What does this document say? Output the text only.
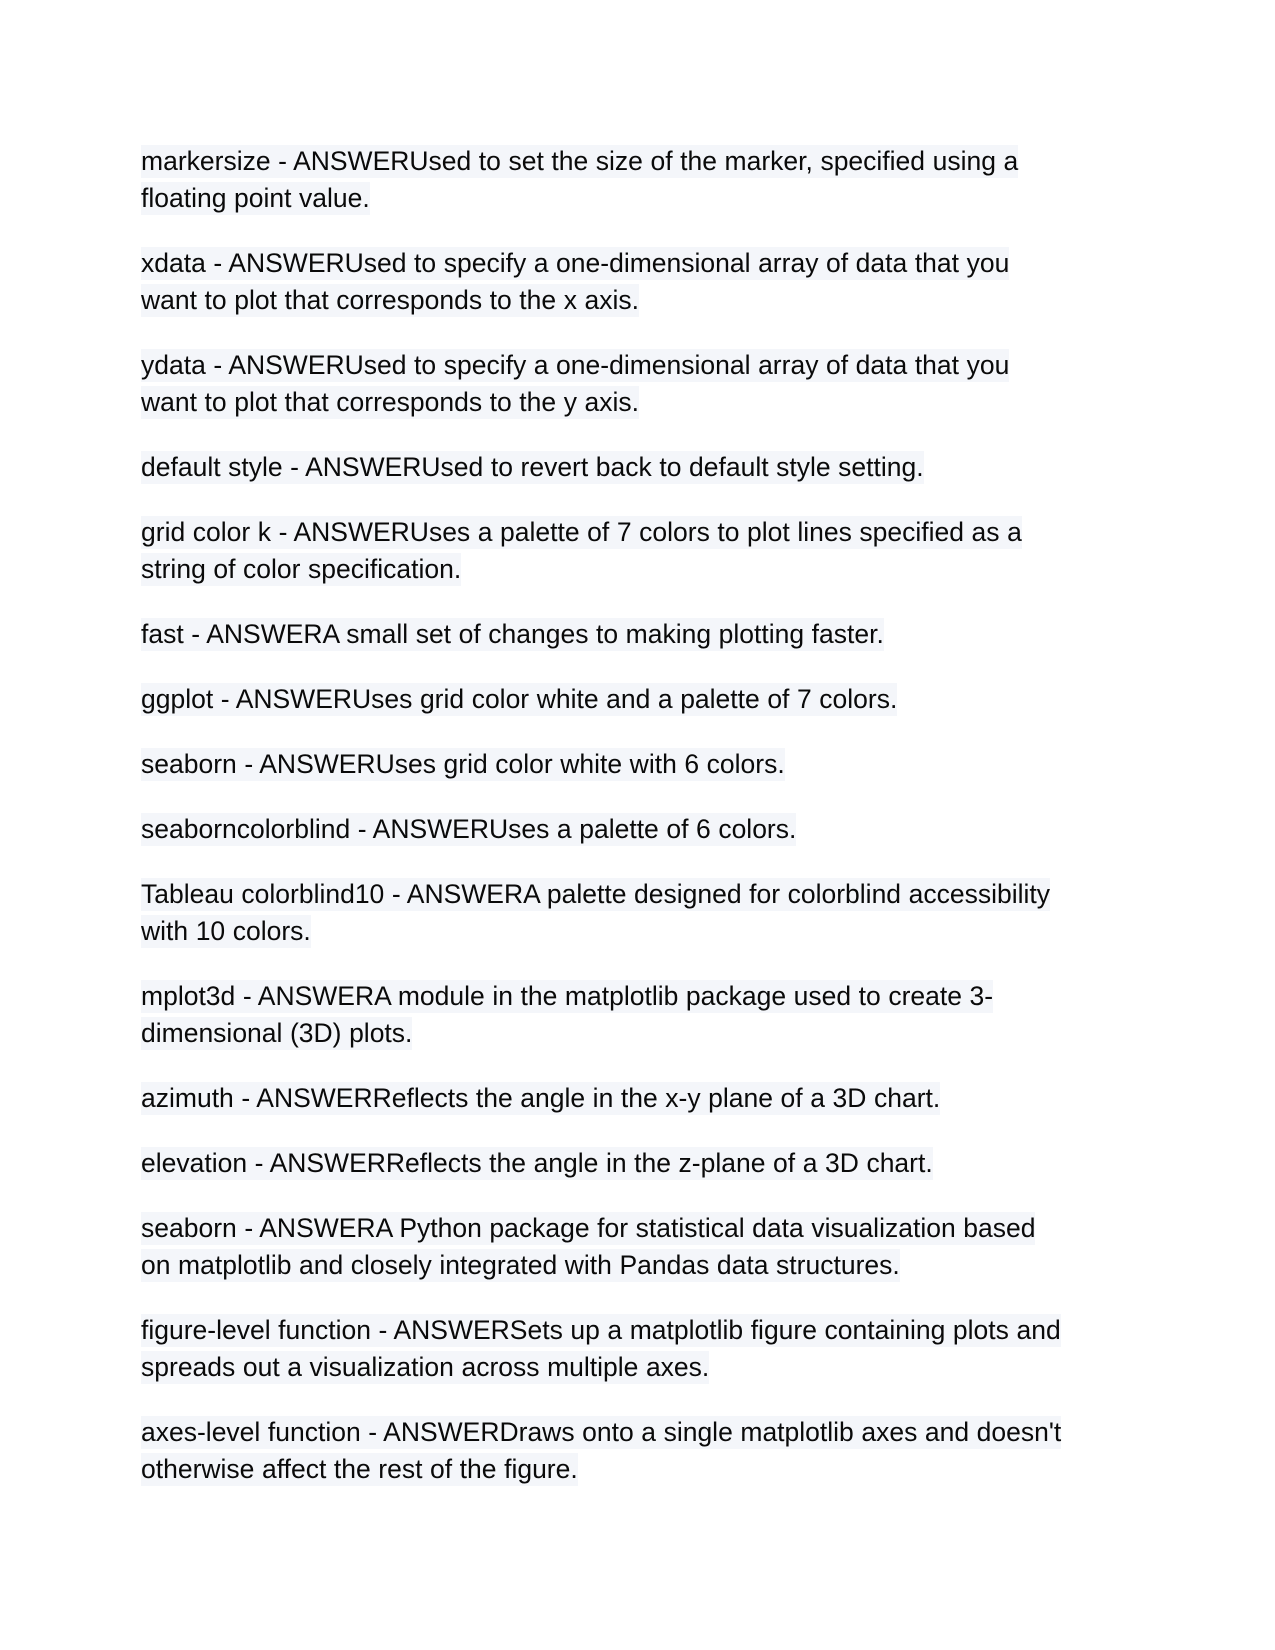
markersize - ANSWERUsed to set the size of the marker, specified using a floating point value.

xdata - ANSWERUsed to specify a one-dimensional array of data that you want to plot that corresponds to the x axis.

ydata - ANSWERUsed to specify a one-dimensional array of data that you want to plot that corresponds to the y axis.

default style - ANSWERUsed to revert back to default style setting.

grid color k - ANSWERUses a palette of 7 colors to plot lines specified as a string of color specification.

fast - ANSWERA small set of changes to making plotting faster.

ggplot - ANSWERUses grid color white and a palette of 7 colors.

seaborn - ANSWERUses grid color white with 6 colors.

seaborncolorblind - ANSWERUses a palette of 6 colors.

Tableau colorblind10 - ANSWERA palette designed for colorblind accessibility with 10 colors.

mplot3d - ANSWERA module in the matplotlib package used to create 3-dimensional (3D) plots.

azimuth - ANSWERReflects the angle in the x-y plane of a 3D chart.

elevation - ANSWERReflects the angle in the z-plane of a 3D chart.

seaborn - ANSWERA Python package for statistical data visualization based on matplotlib and closely integrated with Pandas data structures.

figure-level function - ANSWERSets up a matplotlib figure containing plots and spreads out a visualization across multiple axes.

axes-level function - ANSWERDraws onto a single matplotlib axes and doesn't otherwise affect the rest of the figure.
